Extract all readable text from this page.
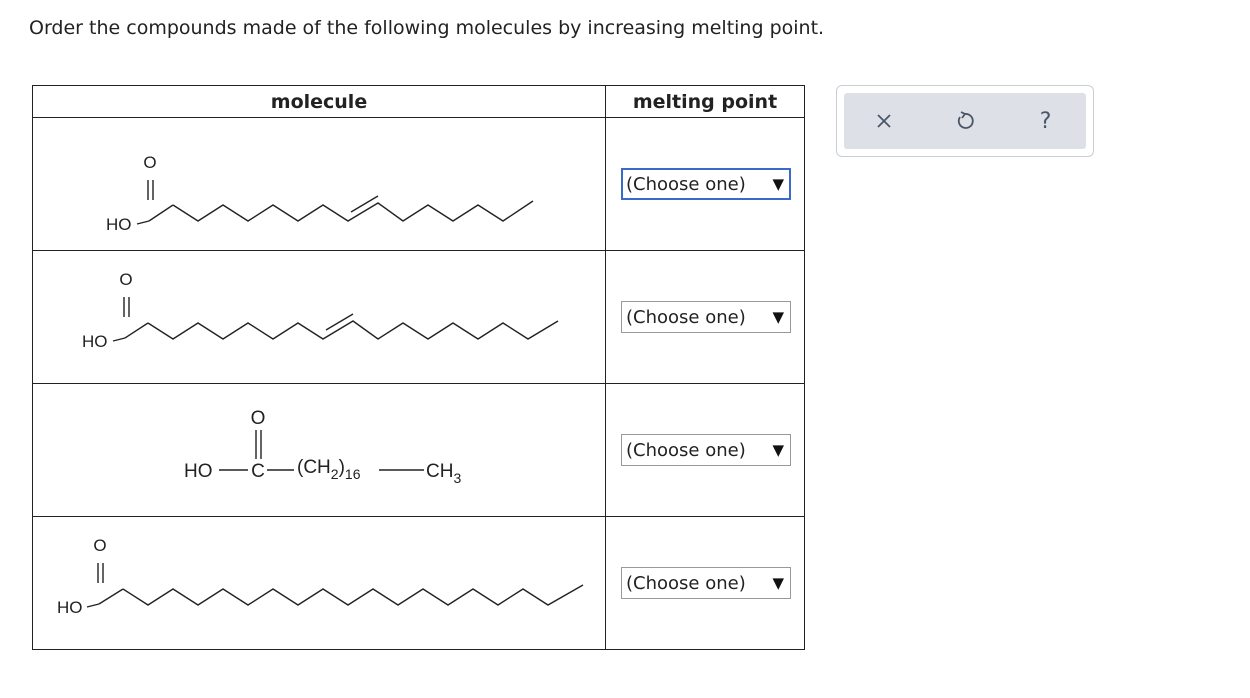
Order the compounds made of the following molecules by increasing melting point.

molecule	melting point

O
HO	(Choose one) ▼

O
HO	(Choose one) ▼

O
HO C $(CH_2)_{16}$ $CH_3$	(Choose one) ▼

O
HO	(Choose one) ▼
?
